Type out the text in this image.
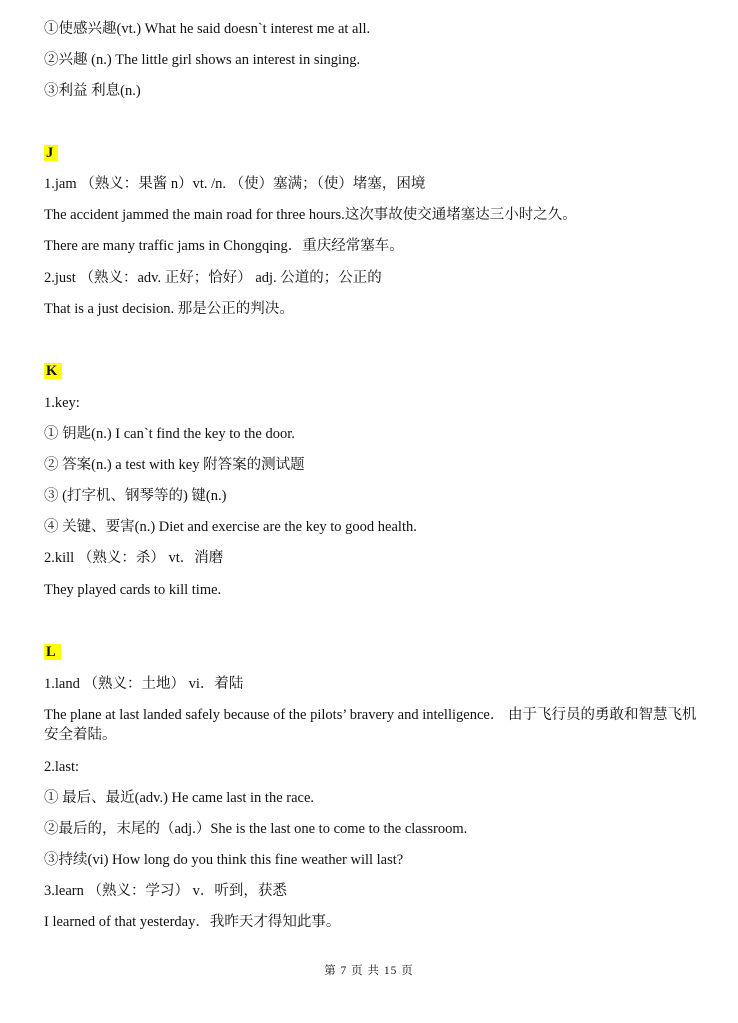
①使感兴趣(vt.) What he said doesn`t interest me at all.
②兴趣 (n.) The little girl shows an interest in singing.
③利益 利息(n.)
J
1.jam （熟义：果酱 n）vt. /n. （使）塞满；（使）堵塞，困境
The accident jammed the main road for three hours.这次事故使交通堵塞达三小时之久。
There are many traffic jams in Chongqing．重庆经常塞车。
2.just （熟义：adv. 正好；恰好） adj. 公道的；公正的
That is a just decision. 那是公正的判决。
K
1.key:
① 钥匙(n.) I can`t find the key to the door.
② 答案(n.) a test with key 附答案的测试题
③ (打字机、钢琴等的) 键(n.)
④ 关键、要害(n.) Diet and exercise are the key to good health.
2.kill （熟义：杀） vt．消磨
They played cards to kill time.
L
1.land （熟义：土地） vi．着陆
The plane at last landed safely because of the pilots’ bravery and intelligence． 由于飞行员的勇敢和智慧飞机安全着陆。
2.last:
① 最后、最近(adv.) He came last in the race.
②最后的，末尾的（adj.）She is the last one to come to the classroom.
③持续(vi) How long do you think this fine weather will last?
3.learn （熟义：学习） v．听到，获悉
I learned of that yesterday．我昨天才得知此事。
第 7 页 共 15 页
